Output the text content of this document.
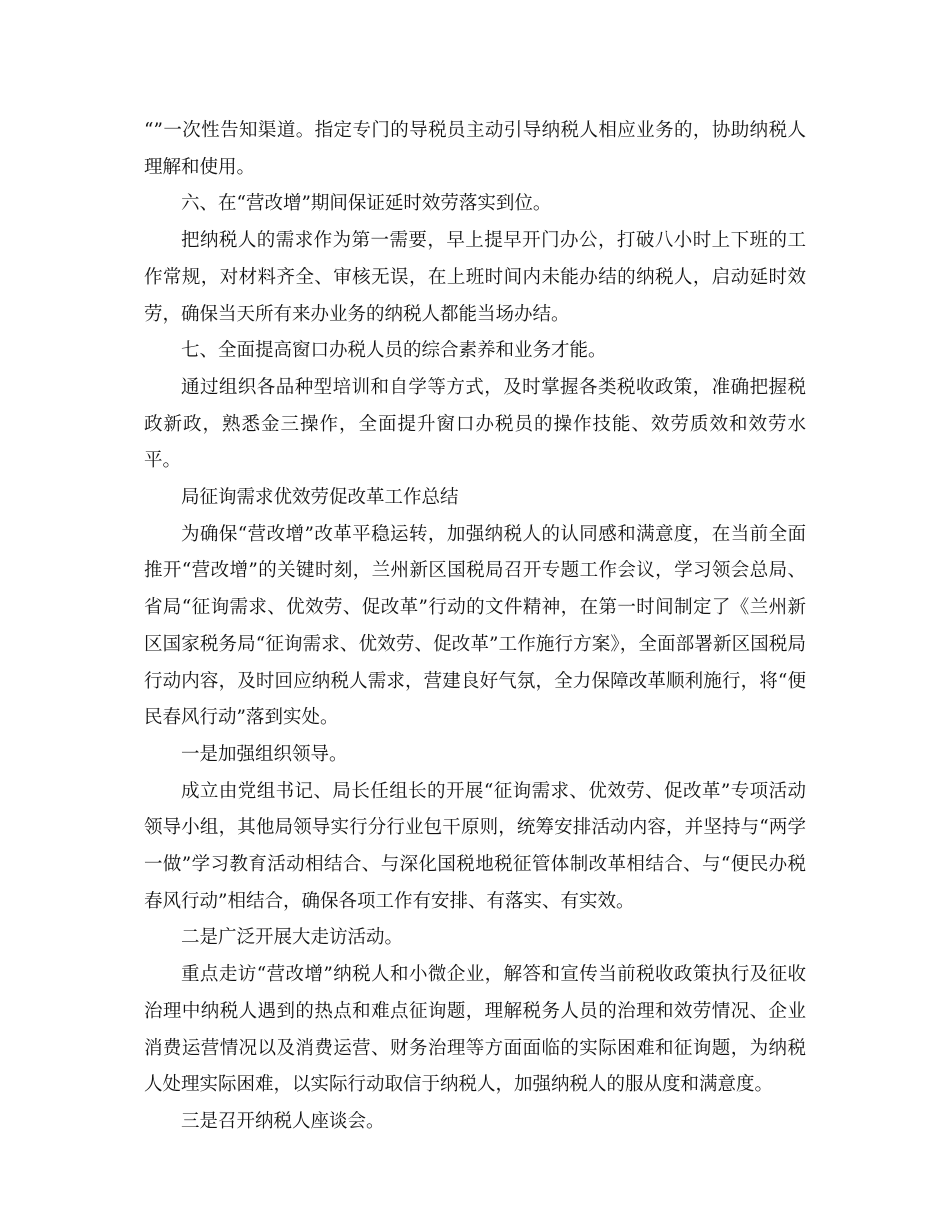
“”一次性告知渠道。指定专门的导税员主动引导纳税人相应业务的，协助纳税人理解和使用。

六、在“营改增”期间保证延时效劳落实到位。

把纳税人的需求作为第一需要，早上提早开门办公，打破八小时上下班的工作常规，对材料齐全、审核无误，在上班时间内未能办结的纳税人，启动延时效劳，确保当天所有来办业务的纳税人都能当场办结。

七、全面提高窗口办税人员的综合素养和业务才能。

通过组织各品种型培训和自学等方式，及时掌握各类税收政策，准确把握税政新政，熟悉金三操作，全面提升窗口办税员的操作技能、效劳质效和效劳水平。

局征询需求优效劳促改革工作总结

为确保“营改增”改革平稳运转，加强纳税人的认同感和满意度，在当前全面推开“营改增”的关键时刻，兰州新区国税局召开专题工作会议，学习领会总局、省局“征询需求、优效劳、促改革”行动的文件精神，在第一时间制定了《兰州新区国家税务局“征询需求、优效劳、促改革”工作施行方案》，全面部署新区国税局行动内容，及时回应纳税人需求，营建良好气氛，全力保障改革顺利施行，将“便民春风行动”落到实处。

一是加强组织领导。

成立由党组书记、局长任组长的开展“征询需求、优效劳、促改革”专项活动领导小组，其他局领导实行分行业包干原则，统筹安排活动内容，并坚持与“两学一做”学习教育活动相结合、与深化国税地税征管体制改革相结合、与“便民办税春风行动”相结合，确保各项工作有安排、有落实、有实效。

二是广泛开展大走访活动。

重点走访“营改增”纳税人和小微企业，解答和宣传当前税收政策执行及征收治理中纳税人遇到的热点和难点征询题，理解税务人员的治理和效劳情况、企业消费运营情况以及消费运营、财务治理等方面面临的实际困难和征询题，为纳税人处理实际困难，以实际行动取信于纳税人，加强纳税人的服从度和满意度。

三是召开纳税人座谈会。
